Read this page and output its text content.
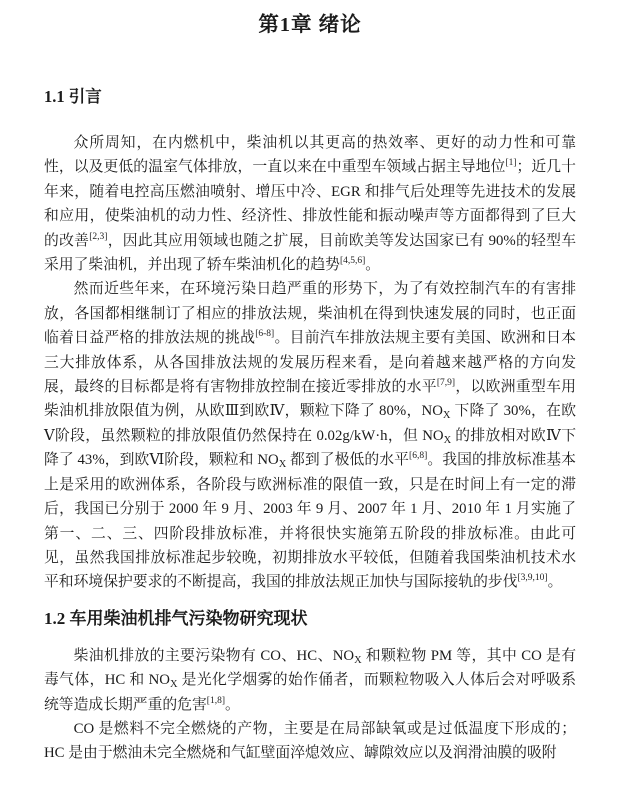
第1章 绪论
1.1 引言

众所周知，在内燃机中，柴油机以其更高的热效率、更好的动力性和可靠性，以及更低的温室气体排放，一直以来在中重型车领域占据主导地位[1]；近几十年来，随着电控高压燃油喷射、增压中冷、EGR 和排气后处理等先进技术的发展和应用，使柴油机的动力性、经济性、排放性能和振动噪声等方面都得到了巨大的改善[2,3]，因此其应用领域也随之扩展，目前欧美等发达国家已有 90%的轻型车采用了柴油机，并出现了轿车柴油机化的趋势[4,5,6]。

然而近些年来，在环境污染日趋严重的形势下，为了有效控制汽车的有害排放，各国都相继制订了相应的排放法规，柴油机在得到快速发展的同时，也正面临着日益严格的排放法规的挑战[6-8]。目前汽车排放法规主要有美国、欧洲和日本三大排放体系，从各国排放法规的发展历程来看，是向着越来越严格的方向发展，最终的目标都是将有害物排放控制在接近零排放的水平[7,9]，以欧洲重型车用柴油机排放限值为例，从欧Ⅲ到欧Ⅳ，颗粒下降了 80%，$NO_X$ 下降了 30%，在欧Ⅴ阶段，虽然颗粒的排放限值仍然保持在 0.02g/kW·h，但 $NO_X$ 的排放相对欧Ⅳ下降了 43%，到欧Ⅵ阶段，颗粒和 $NO_X$ 都到了极低的水平[6,8]。我国的排放标准基本上是采用的欧洲体系，各阶段与欧洲标准的限值一致，只是在时间上有一定的滞后，我国已分别于 2000 年 9 月、2003 年 9 月、2007 年 1 月、2010 年 1 月实施了第一、二、三、四阶段排放标准，并将很快实施第五阶段的排放标准。由此可见，虽然我国排放标准起步较晚，初期排放水平较低，但随着我国柴油机技术水平和环境保护要求的不断提高，我国的排放法规正加快与国际接轨的步伐[3,9,10]。

1.2 车用柴油机排气污染物研究现状

柴油机排放的主要污染物有 CO、HC、$NO_X$ 和颗粒物 PM 等，其中 CO 是有毒气体，HC 和 $NO_X$ 是光化学烟雾的始作俑者，而颗粒物吸入人体后会对呼吸系统等造成长期严重的危害[1,8]。

CO 是燃料不完全燃烧的产物，主要是在局部缺氧或是过低温度下形成的；HC 是由于燃油未完全燃烧和气缸壁面淬熄效应、罅隙效应以及润滑油膜的吸附
